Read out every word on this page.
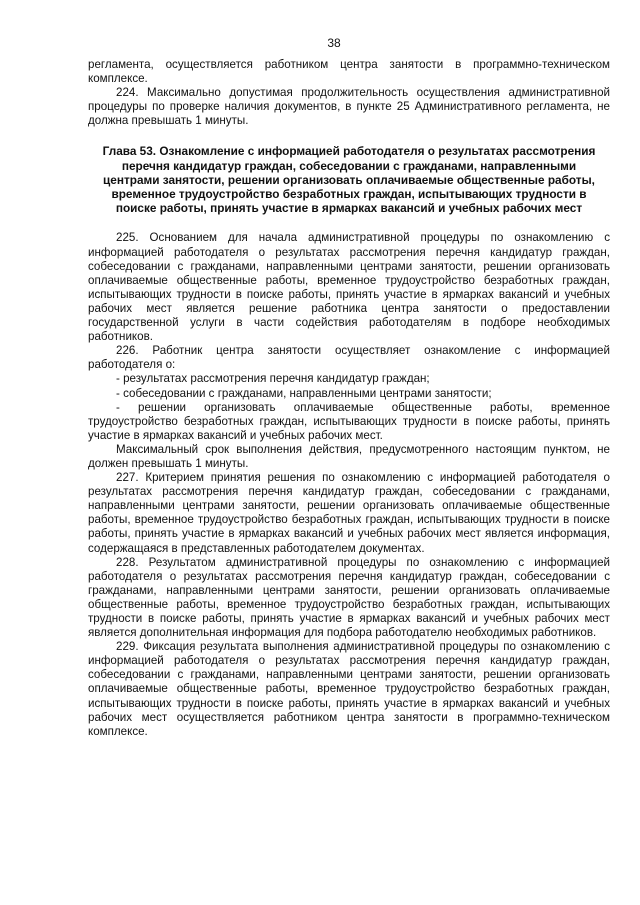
38

регламента, осуществляется работником центра занятости в программно-техническом комплексе.

224. Максимально допустимая продолжительность осуществления административной процедуры по проверке наличия документов, в пункте 25 Административного регламента, не должна превышать 1 минуты.

Глава 53. Ознакомление с информацией работодателя о результатах рассмотрения перечня кандидатур граждан, собеседовании с гражданами, направленными центрами занятости, решении организовать оплачиваемые общественные работы, временное трудоустройство безработных граждан, испытывающих трудности в поиске работы, принять участие в ярмарках вакансий и учебных рабочих мест

225. Основанием для начала административной процедуры по ознакомлению с информацией работодателя о результатах рассмотрения перечня кандидатур граждан, собеседовании с гражданами, направленными центрами занятости, решении организовать оплачиваемые общественные работы, временное трудоустройство безработных граждан, испытывающих трудности в поиске работы, принять участие в ярмарках вакансий и учебных рабочих мест является решение работника центра занятости о предоставлении государственной услуги в части содействия работодателям в подборе необходимых работников.

226. Работник центра занятости осуществляет ознакомление с информацией работодателя о:

- результатах рассмотрения перечня кандидатур граждан;

- собеседовании с гражданами, направленными центрами занятости;

- решении организовать оплачиваемые общественные работы, временное трудоустройство безработных граждан, испытывающих трудности в поиске работы, принять участие в ярмарках вакансий и учебных рабочих мест.

Максимальный срок выполнения действия, предусмотренного настоящим пунктом, не должен превышать 1 минуты.

227. Критерием принятия решения по ознакомлению с информацией работодателя о результатах рассмотрения перечня кандидатур граждан, собеседовании с гражданами, направленными центрами занятости, решении организовать оплачиваемые общественные работы, временное трудоустройство безработных граждан, испытывающих трудности в поиске работы, принять участие в ярмарках вакансий и учебных рабочих мест является информация, содержащаяся в представленных работодателем документах.

228. Результатом административной процедуры по ознакомлению с информацией работодателя о результатах рассмотрения перечня кандидатур граждан, собеседовании с гражданами, направленными центрами занятости, решении организовать оплачиваемые общественные работы, временное трудоустройство безработных граждан, испытывающих трудности в поиске работы, принять участие в ярмарках вакансий и учебных рабочих мест является дополнительная информация для подбора работодателю необходимых работников.

229. Фиксация результата выполнения административной процедуры по ознакомлению с информацией работодателя о результатах рассмотрения перечня кандидатур граждан, собеседовании с гражданами, направленными центрами занятости, решении организовать оплачиваемые общественные работы, временное трудоустройство безработных граждан, испытывающих трудности в поиске работы, принять участие в ярмарках вакансий и учебных рабочих мест осуществляется работником центра занятости в программно-техническом комплексе.
